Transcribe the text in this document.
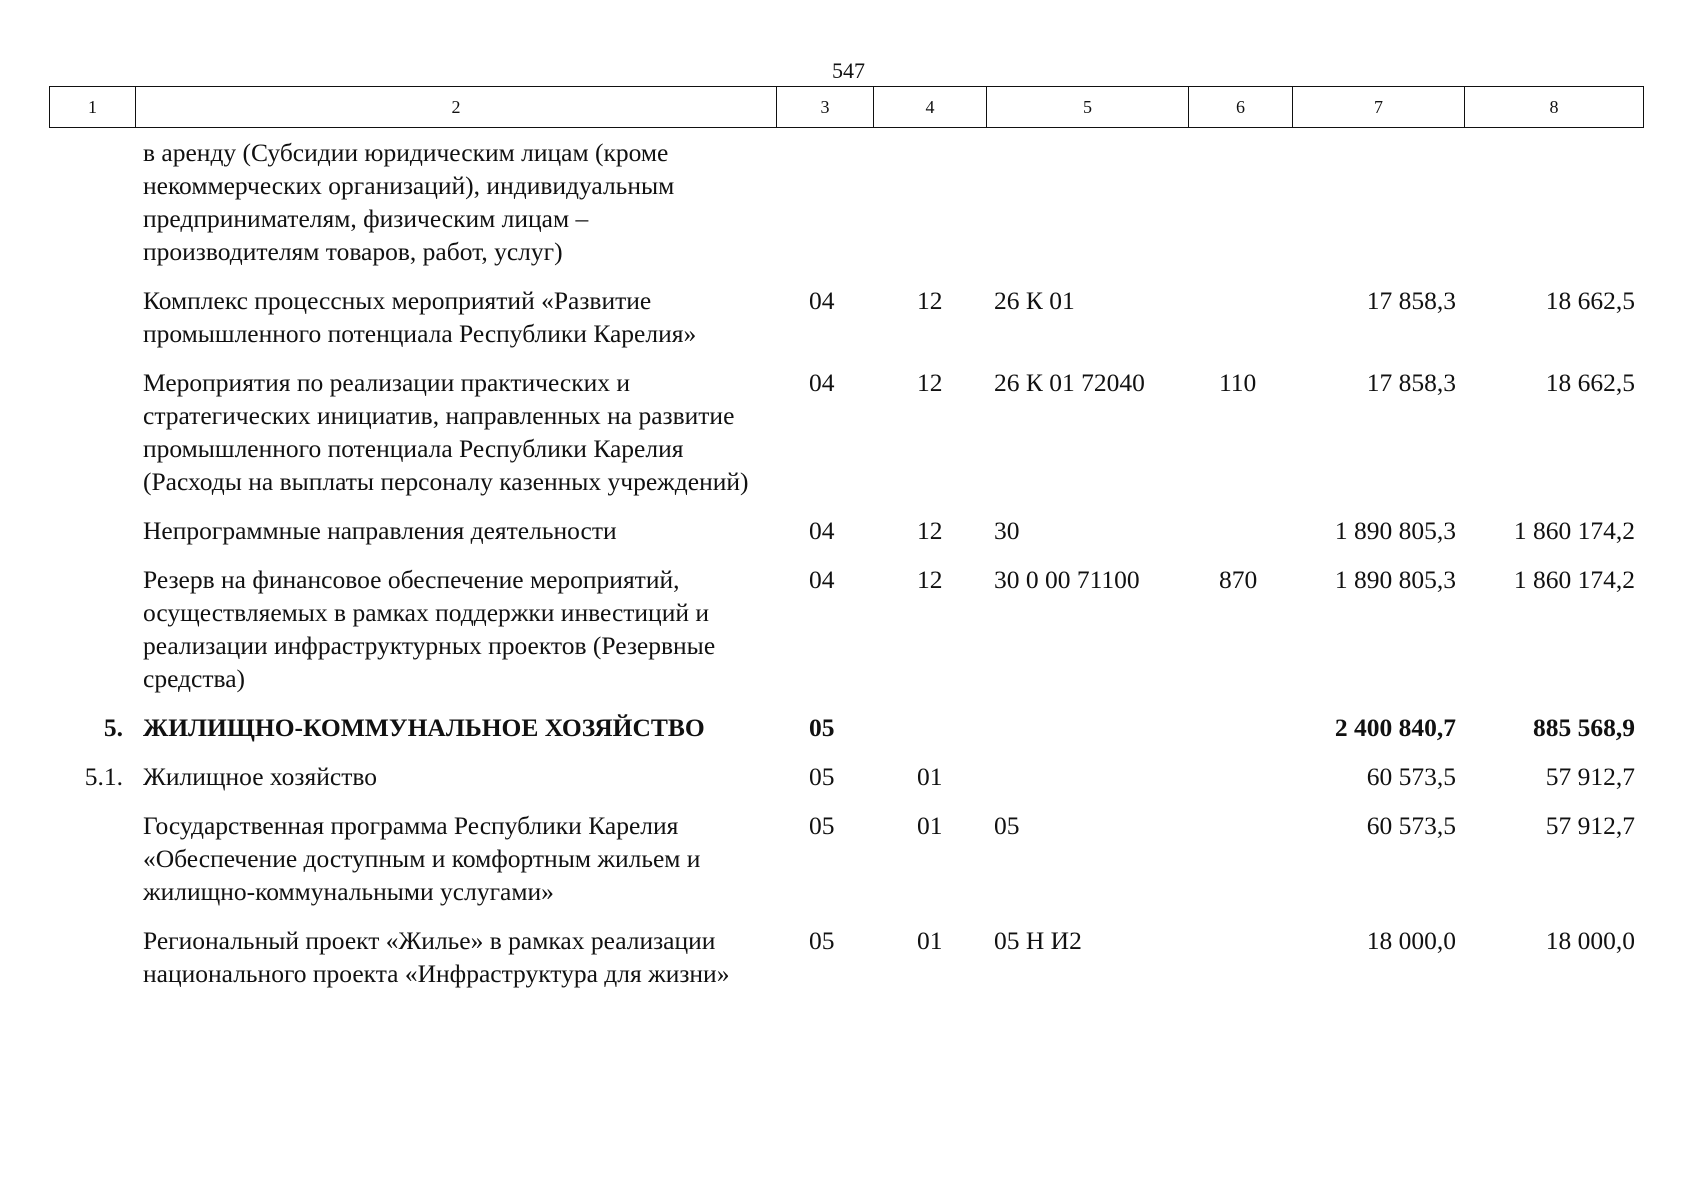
547
1	2	3	4	5	6	7	8
	в аренду (Субсидии юридическим лицам (кроме некоммерческих организаций), индивидуальным предпринимателям, физическим лицам – производителям товаров, работ, услуг)						
	Комплекс процессных мероприятий «Развитие промышленного потенциала Республики Карелия»	04	12	26 К 01		17 858,3	18 662,5
	Мероприятия по реализации практических и стратегических инициатив, направленных на развитие промышленного потенциала Республики Карелия (Расходы на выплаты персоналу казенных учреждений)	04	12	26 К 01 72040	110	17 858,3	18 662,5
	Непрограммные направления деятельности	04	12	30		1 890 805,3	1 860 174,2
	Резерв на финансовое обеспечение мероприятий, осуществляемых в рамках поддержки инвестиций и реализации инфраструктурных проектов (Резервные средства)	04	12	30 0 00 71100	870	1 890 805,3	1 860 174,2
5.	ЖИЛИЩНО-КОММУНАЛЬНОЕ ХОЗЯЙСТВО	05				2 400 840,7	885 568,9
5.1.	Жилищное хозяйство	05	01			60 573,5	57 912,7
	Государственная программа Республики Карелия «Обеспечение доступным и комфортным жильем и жилищно-коммунальными услугами»	05	01	05		60 573,5	57 912,7
	Региональный проект «Жилье» в рамках реализации национального проекта «Инфраструктура для жизни»	05	01	05 Н И2		18 000,0	18 000,0
